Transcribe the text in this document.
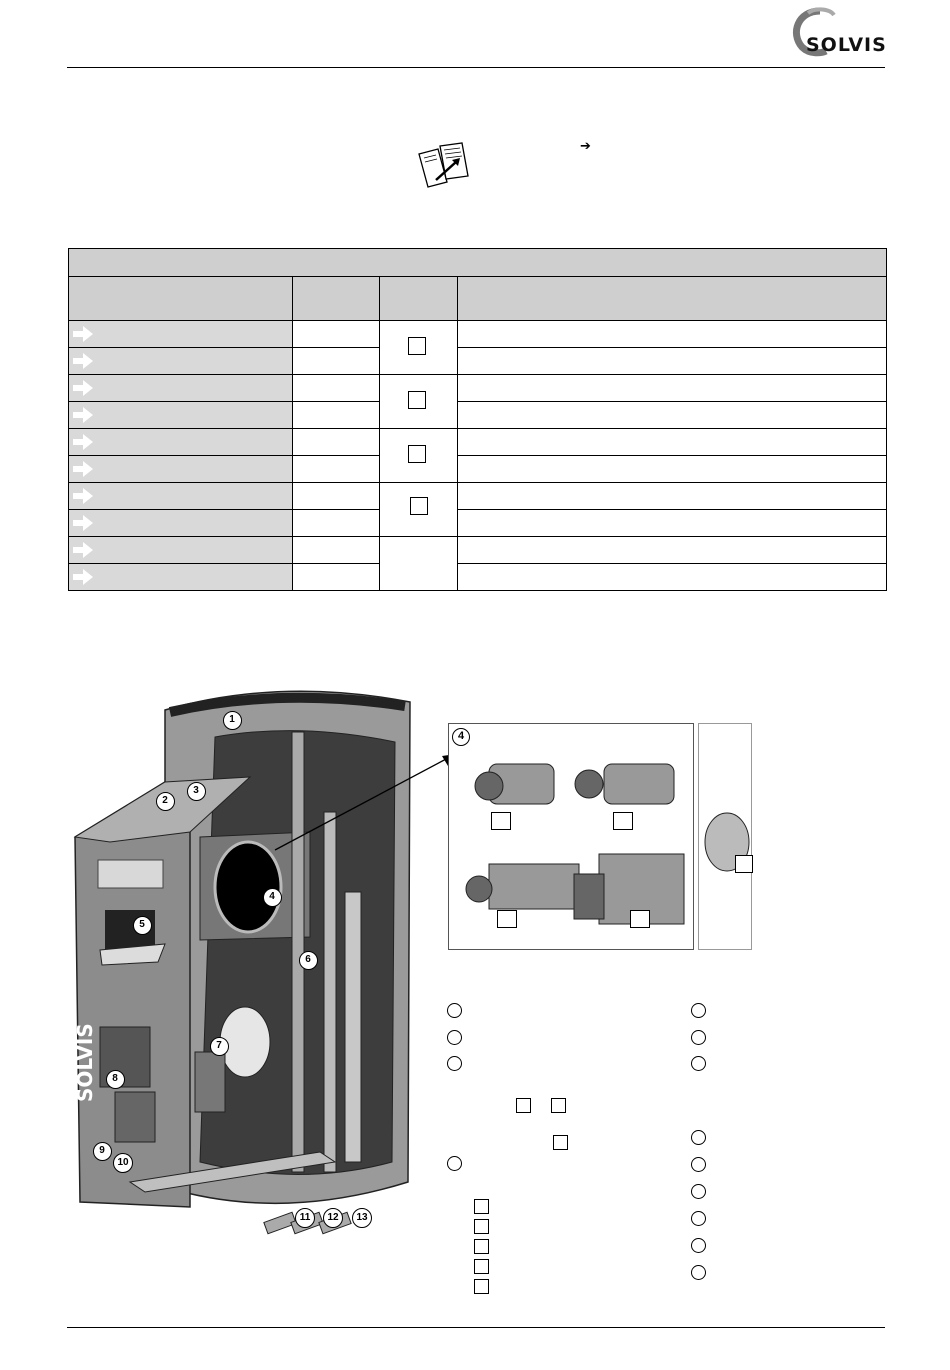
SOLVIS
➔

SOLVIS
1
2
3
4
5
6
7
8
9
10
11	12	13
4
